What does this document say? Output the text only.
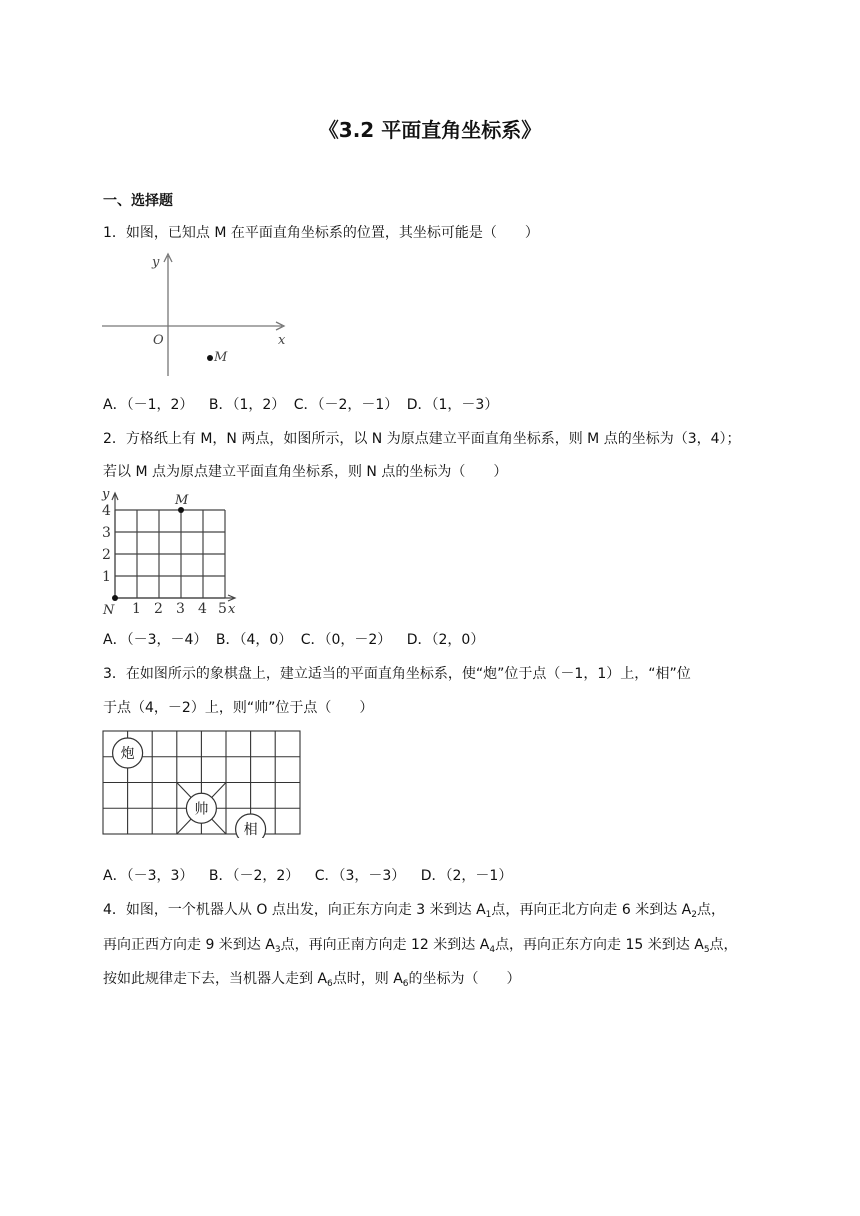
《3.2 平面直角坐标系》
一、选择题
1．如图，已知点 M 在平面直角坐标系的位置，其坐标可能是（　　）
y
x
O
M
A．（－1，2）　 B．（1，2） C．（－2，－1） D．（1，－3）
2．方格纸上有 M，N 两点，如图所示，以 N 为原点建立平面直角坐标系，则 M 点的坐标为（3，4）；
若以 M 点为原点建立平面直角坐标系，则 N 点的坐标为（　　）
y
x
4
3
2
1
1 2 3 4 5
N
M
A．（－3，－4） B．（4，0） C．（0，－2）　 D．（2，0）
3．在如图所示的象棋盘上，建立适当的平面直角坐标系，使“炮”位于点（－1，1）上，“相”位
于点（4，－2）上，则“帅”位于点（　　）
炮
帅
相
A．（－3，3）　 B．（－2，2）　 C．（3，－3）　 D．（2，－1）
4．如图，一个机器人从 O 点出发，向正东方向走 3 米到达 $A_1$点，再向正北方向走 6 米到达 $A_2$点，
再向正西方向走 9 米到达 $A_3$点，再向正南方向走 12 米到达 $A_4$点，再向正东方向走 15 米到达 $A_5$点，
按如此规律走下去，当机器人走到 $A_6$点时，则 $A_6$的坐标为（　　）
